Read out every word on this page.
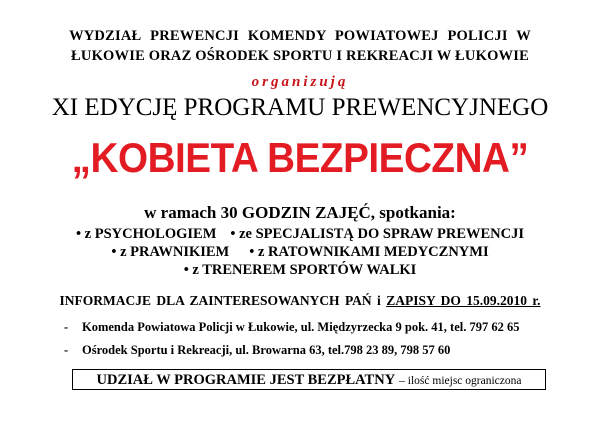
WYDZIAŁ PREWENCJI KOMENDY POWIATOWEJ POLICJI W
ŁUKOWIE ORAZ OŚRODEK SPORTU I REKREACJI W ŁUKOWIE
organizują
XI EDYCJĘ PROGRAMU PREWENCYJNEGO
„KOBIETA BEZPIECZNA”
w ramach 30 GODZIN ZAJĘĆ, spotkania:
• z PSYCHOLOGIEM • ze SPECJALISTĄ DO SPRAW PREWENCJI
• z PRAWNIKIEM • z RATOWNIKAMI MEDYCZNYMI
• z TRENEREM SPORTÓW WALKI
INFORMACJE DLA ZAINTERESOWANYCH PAŃ i ZAPISY DO 15.09.2010 r.
- Komenda Powiatowa Policji w Łukowie, ul. Międzyrzecka 9 pok. 41, tel. 797 62 65
- Ośrodek Sportu i Rekreacji, ul. Browarna 63, tel.798 23 89, 798 57 60
UDZIAŁ W PROGRAMIE JEST BEZPŁATNY – ilość miejsc ograniczona
